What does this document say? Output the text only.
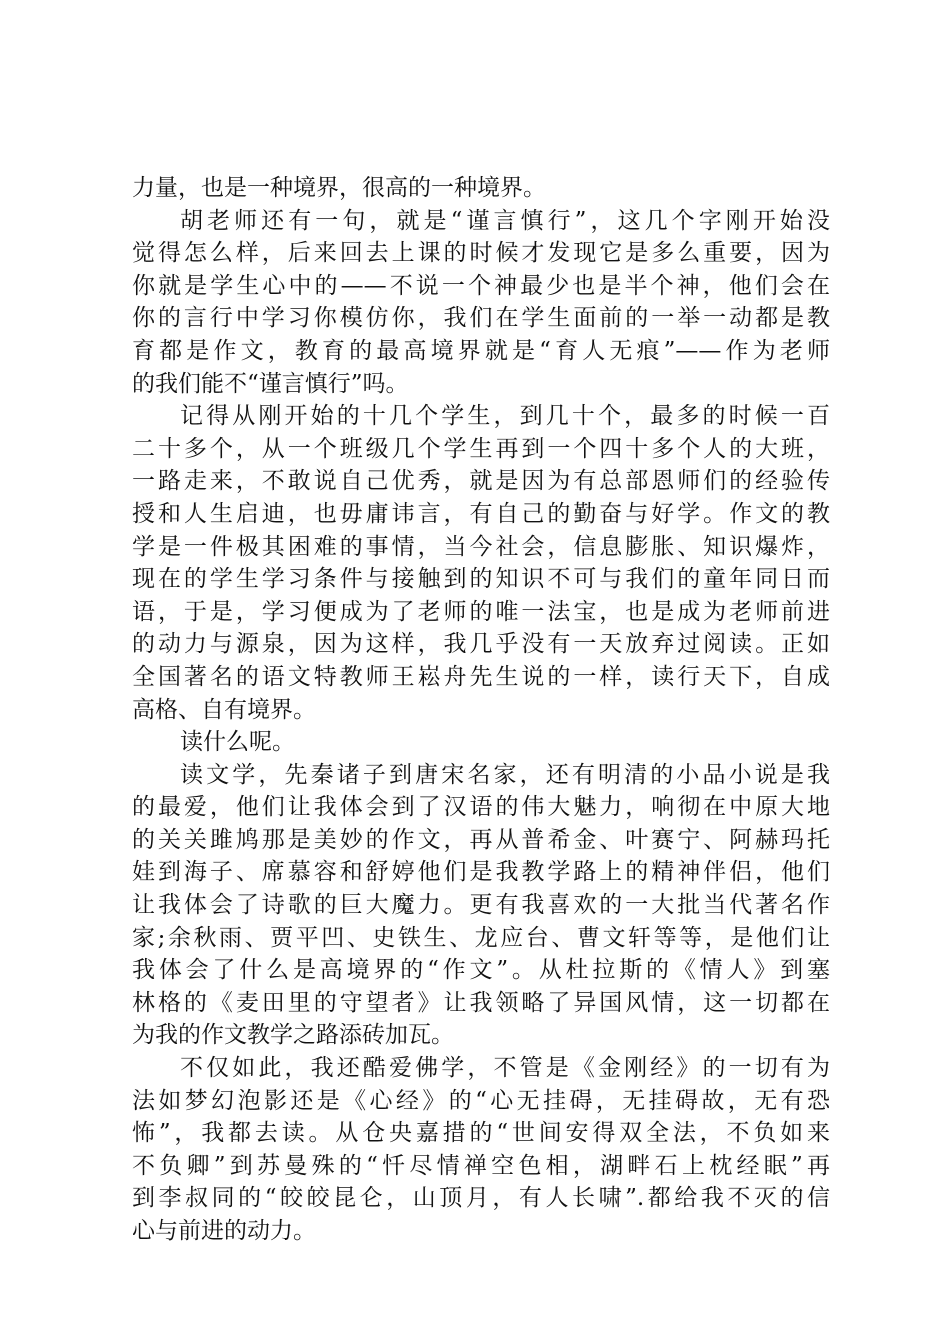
力量，也是一种境界，很高的一种境界。
胡老师还有一句，就是“谨言慎行”，这几个字刚开始没
觉得怎么样，后来回去上课的时候才发现它是多么重要，因为
你就是学生心中的——不说一个神最少也是半个神，他们会在
你的言行中学习你模仿你，我们在学生面前的一举一动都是教
育都是作文，教育的最高境界就是“育人无痕”——作为老师
的我们能不“谨言慎行”吗。
记得从刚开始的十几个学生，到几十个，最多的时候一百
二十多个，从一个班级几个学生再到一个四十多个人的大班，
一路走来，不敢说自己优秀，就是因为有总部恩师们的经验传
授和人生启迪，也毋庸讳言，有自己的勤奋与好学。作文的教
学是一件极其困难的事情，当今社会，信息膨胀、知识爆炸，
现在的学生学习条件与接触到的知识不可与我们的童年同日而
语，于是，学习便成为了老师的唯一法宝，也是成为老师前进
的动力与源泉，因为这样，我几乎没有一天放弃过阅读。正如
全国著名的语文特教师王崧舟先生说的一样，读行天下，自成
高格、自有境界。
读什么呢。
读文学，先秦诸子到唐宋名家，还有明清的小品小说是我
的最爱，他们让我体会到了汉语的伟大魅力，响彻在中原大地
的关关雎鸠那是美妙的作文，再从普希金、叶赛宁、阿赫玛托
娃到海子、席慕容和舒婷他们是我教学路上的精神伴侣，他们
让我体会了诗歌的巨大魔力。更有我喜欢的一大批当代著名作
家;余秋雨、贾平凹、史铁生、龙应台、曹文轩等等，是他们让
我体会了什么是高境界的“作文”。从杜拉斯的《情人》到塞
林格的《麦田里的守望者》让我领略了异国风情，这一切都在
为我的作文教学之路添砖加瓦。
不仅如此，我还酷爱佛学，不管是《金刚经》的一切有为
法如梦幻泡影还是《心经》的“心无挂碍，无挂碍故，无有恐
怖”，我都去读。从仓央嘉措的“世间安得双全法，不负如来
不负卿”到苏曼殊的“忏尽情禅空色相，湖畔石上枕经眠”再
到李叔同的“皎皎昆仑，山顶月，有人长啸”.都给我不灭的信
心与前进的动力。
